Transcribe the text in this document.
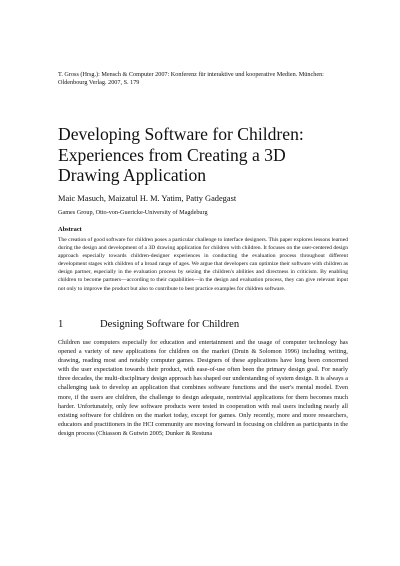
T. Gross (Hrsg.): Mensch & Computer 2007: Konferenz für interaktive und kooperative Medien. München: Oldenbourg Verlag. 2007, S. 179
Developing Software for Children: Experiences from Creating a 3D Drawing Application
Maic Masuch, Maizatul H. M. Yatim, Patty Gadegast
Games Group, Otto-von-Guericke-University of Magdeburg
Abstract
The creation of good software for children poses a particular challenge to interface designers. This paper explores lessons learned during the design and development of a 3D drawing application for children with children. It focuses on the user-centered design approach especially towards children-designer experiences in conducting the evaluation process throughout different development stages with children of a broad range of ages. We argue that developers can optimize their software with children as design partner, especially in the evaluation process by seizing the children's abilities and directness in criticism. By enabling children to become partners—according to their capabilities—in the design and evaluation process, they can give relevant input not only to improve the product but also to contribute to best practice examples for children software.
1	Designing Software for Children
Children use computers especially for education and entertainment and the usage of computer technology has opened a variety of new applications for children on the market (Druin & Solomon 1996) including writing, drawing, reading most and notably computer games. Designers of these applications have long been concerned with the user expectation towards their product, with ease-of-use often been the primary design goal. For nearly three decades, the multi-disciplinary design approach has shaped our understanding of system design. It is always a challenging task to develop an application that combines software functions and the user's mental model. Even more, if the users are children, the challenge to design adequate, nontrivial applications for them becomes much harder. Unfortunately, only few software products were tested in cooperation with real users including nearly all existing software for children on the market today, except for games. Only recently, more and more researchers, educators and practitioners in the HCI community are moving forward in focusing on children as participants in the design process (Chiasson & Gutwin 2005; Dunker & Restuna
